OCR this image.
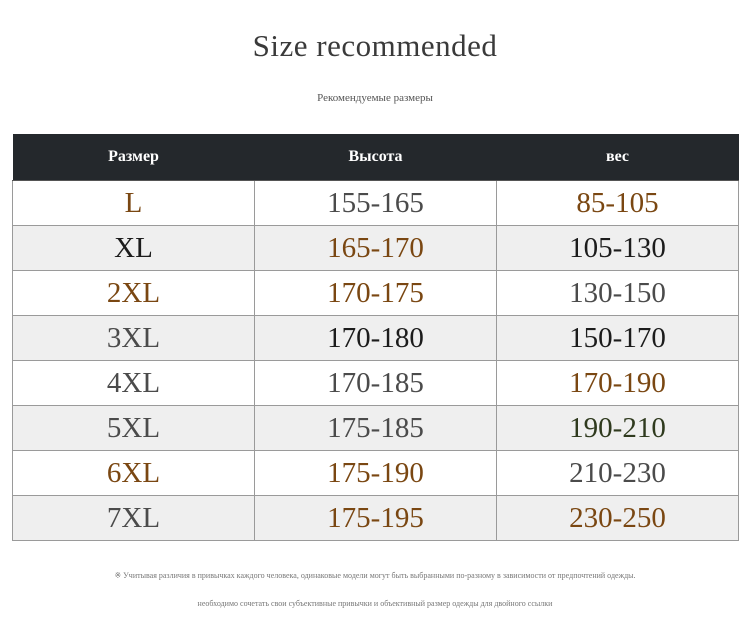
Size recommended
Рекомендуемые размеры
Размер	Высота	вес
L	155-165	85-105
XL	165-170	105-130
2XL	170-175	130-150
3XL	170-180	150-170
4XL	170-185	170-190
5XL	175-185	190-210
6XL	175-190	210-230
7XL	175-195	230-250
※ Учитывая различия в привычках каждого человека, одинаковые модели могут быть выбранными по-разному в зависимости от предпочтений одежды.
необходимо сочетать свои субъективные привычки и объективный размер одежды для двойного ссылки
